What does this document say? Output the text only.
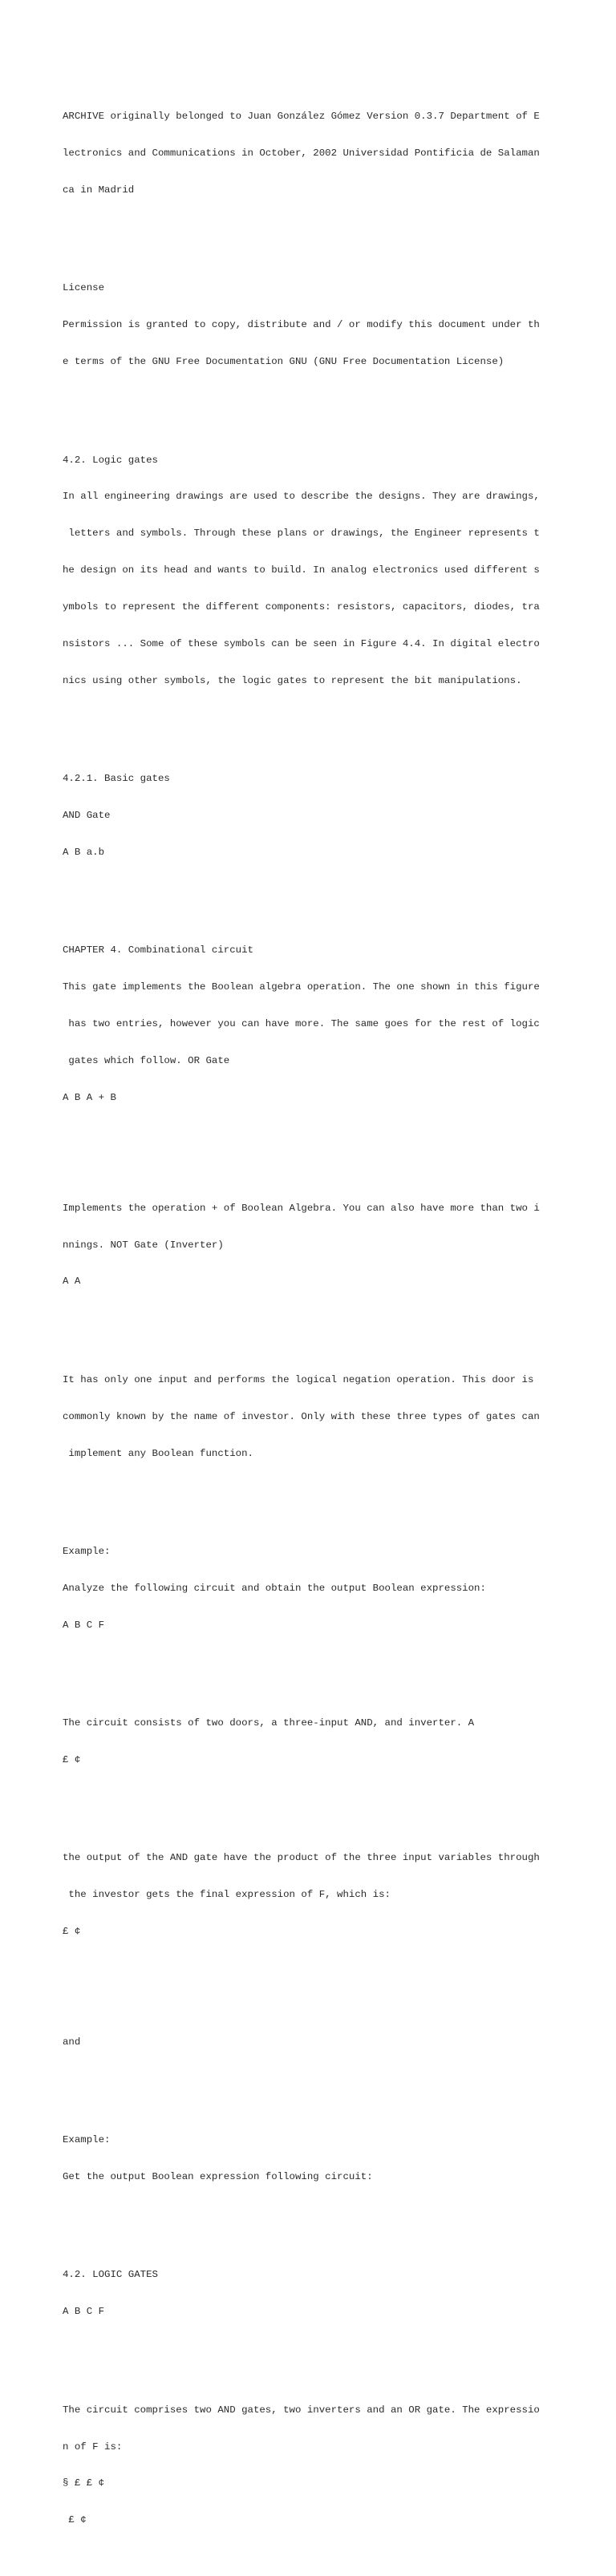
ARCHIVE originally belonged to Juan González Gómez Version 0.3.7 Department of E

lectronics and Communications in October, 2002 Universidad Pontificia de Salaman

ca in Madrid

License

Permission is granted to copy, distribute and / or modify this document under th

e terms of the GNU Free Documentation GNU (GNU Free Documentation License)

4.2. Logic gates

In all engineering drawings are used to describe the designs. They are drawings,

letters and symbols. Through these plans or drawings, the Engineer represents t

he design on its head and wants to build. In analog electronics used different s

ymbols to represent the different components: resistors, capacitors, diodes, tra

nsistors ... Some of these symbols can be seen in Figure 4.4. In digital electro

nics using other symbols, the logic gates to represent the bit manipulations.

4.2.1. Basic gates

AND Gate

A B a.b

CHAPTER 4. Combinational circuit

This gate implements the Boolean algebra operation. The one shown in this figure

has two entries, however you can have more. The same goes for the rest of logic

gates which follow. OR Gate

A B A + B

Implements the operation + of Boolean Algebra. You can also have more than two i

nnings. NOT Gate (Inverter)

A A

It has only one input and performs the logical negation operation. This door is

commonly known by the name of investor. Only with these three types of gates can

implement any Boolean function.

Example:

Analyze the following circuit and obtain the output Boolean expression:

A B C F

The circuit consists of two doors, a three-input AND, and inverter. A

£ ¢

the output of the AND gate have the product of the three input variables through

the investor gets the final expression of F, which is:

£ ¢

and

Example:

Get the output Boolean expression following circuit:

4.2. LOGIC GATES

A B C F

The circuit comprises two AND gates, two inverters and an OR gate. The expressio

n of F is:

§ £ £ ¢

£ ¢
